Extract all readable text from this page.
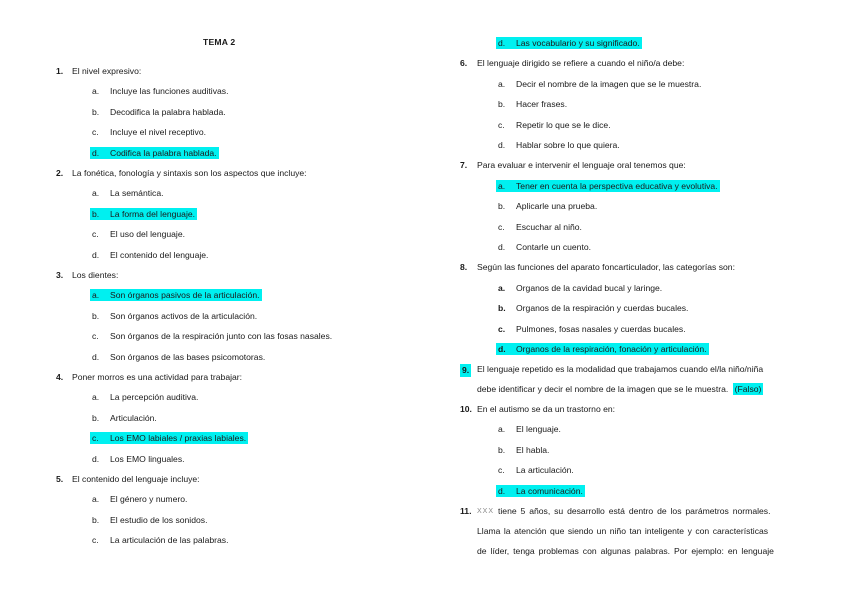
TEMA 2
1. El nivel expresivo:
a. Incluye las funciones auditivas.
b. Decodifica la palabra hablada.
c. Incluye el nivel receptivo.
d. Codifica la palabra hablada.
2. La fonética, fonología y sintaxis son los aspectos que incluye:
a. La semántica.
b. La forma del lenguaje.
c. El uso del lenguaje.
d. El contenido del lenguaje.
3. Los dientes:
a. Son órganos pasivos de la articulación.
b. Son órganos activos de la articulación.
c. Son órganos de la respiración junto con las fosas nasales.
d. Son órganos de las bases psicomotoras.
4. Poner morros es una actividad para trabajar:
a. La percepción auditiva.
b. Articulación.
c. Los EMO labiales / praxias labiales.
d. Los EMO linguales.
5. El contenido del lenguaje incluye:
a. El género y numero.
b. El estudio de los sonidos.
c. La articulación de las palabras.
d. Las vocabulario y su significado.
6. El lenguaje dirigido se refiere a cuando el niño/a debe:
a. Decir el nombre de la imagen que se le muestra.
b. Hacer frases.
c. Repetir lo que se le dice.
d. Hablar sobre lo que quiera.
7. Para evaluar e intervenir el lenguaje oral tenemos que:
a. Tener en cuenta la perspectiva educativa y evolutiva.
b. Aplicarle una prueba.
c. Escuchar al niño.
d. Contarle un cuento.
8. Según las funciones del aparato foncarticulador, las categorías son:
a. Organos de la cavidad bucal y laringe.
b. Organos de la respiración y cuerdas bucales.
c. Pulmones, fosas nasales y cuerdas bucales.
d. Organos de la respiración, fonación y articulación.
9. El lenguaje repetido es la modalidad que trabajamos cuando el/la niño/niña
debe identificar y decir el nombre de la imagen que se le muestra. (Falso)
10. En el autismo se da un trastorno en:
a. El lenguaje.
b. El habla.
c. La articulación.
d. La comunicación.
11. XXX tiene 5 años, su desarrollo está dentro de los parámetros normales.
Llama la atención que siendo un niño tan inteligente y con características
de líder, tenga problemas con algunas palabras. Por ejemplo: en lenguaje
